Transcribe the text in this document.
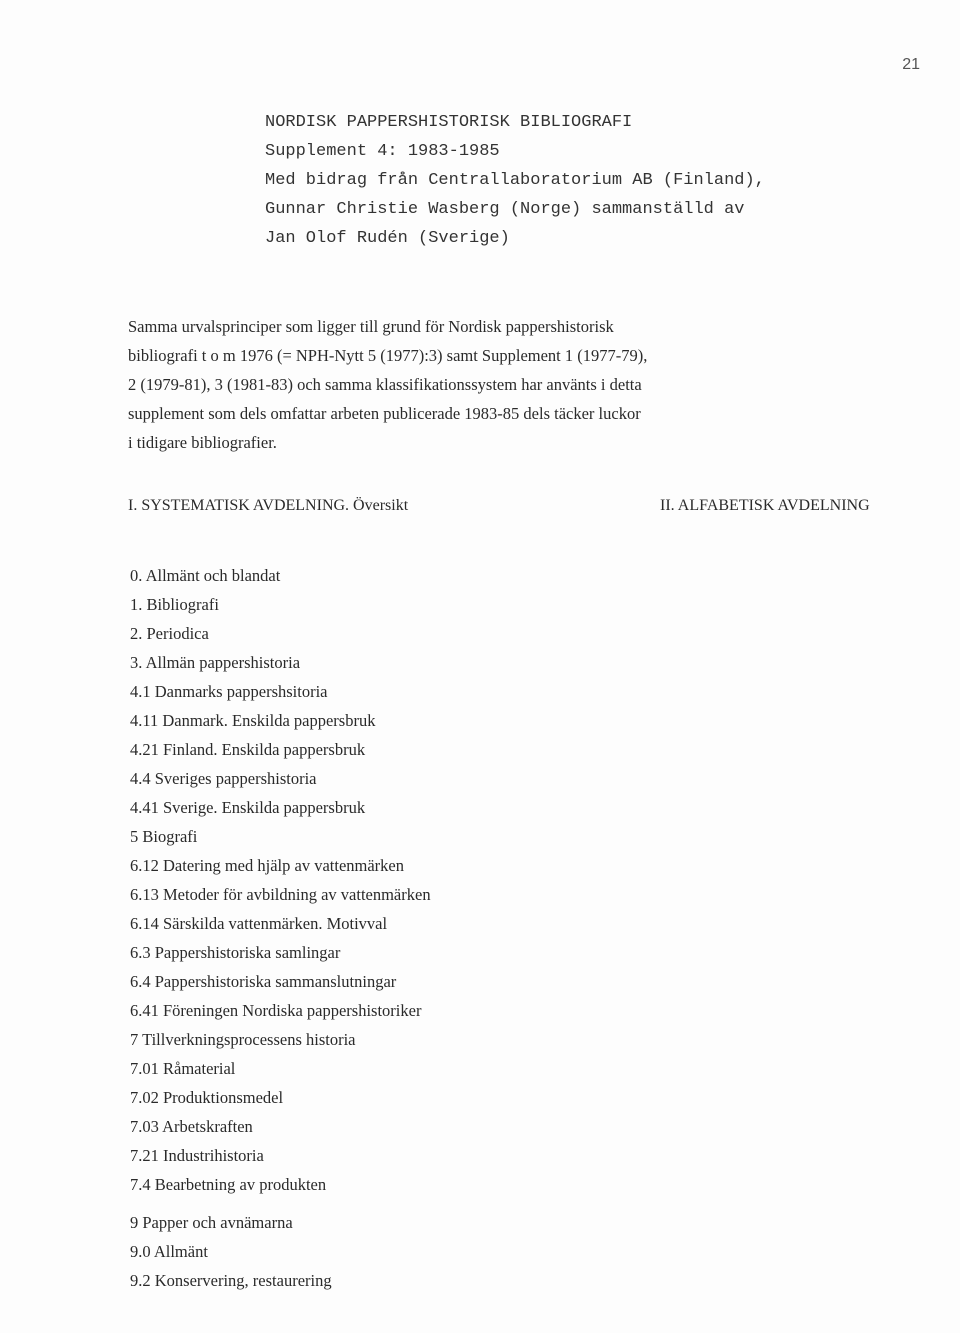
21
NORDISK PAPPERSHISTORISK BIBLIOGRAFI
Supplement 4: 1983-1985
Med bidrag från Centrallaboratorium AB (Finland),
Gunnar Christie Wasberg (Norge) sammanställd av
Jan Olof Rudén (Sverige)
Samma urvalsprinciper som ligger till grund för Nordisk pappershistorisk
bibliografi t o m 1976 (= NPH-Nytt 5 (1977):3) samt Supplement 1 (1977-79),
2 (1979-81), 3 (1981-83) och samma klassifikationssystem har använts i detta
supplement som dels omfattar arbeten publicerade 1983-85 dels täcker luckor
i tidigare bibliografier.
I. SYSTEMATISK AVDELNING. Översikt	II. ALFABETISK AVDELNING
0. Allmänt och blandat
1. Bibliografi
2. Periodica
3. Allmän pappershistoria
4.1 Danmarks pappershsitoria
4.11 Danmark. Enskilda pappersbruk
4.21 Finland. Enskilda pappersbruk
4.4 Sveriges pappershistoria
4.41 Sverige. Enskilda pappersbruk
5 Biografi
6.12 Datering med hjälp av vattenmärken
6.13 Metoder för avbildning av vattenmärken
6.14 Särskilda vattenmärken. Motivval
6.3 Pappershistoriska samlingar
6.4 Pappershistoriska sammanslutningar
6.41 Föreningen Nordiska pappershistoriker
7 Tillverkningsprocessens historia
7.01 Råmaterial
7.02 Produktionsmedel
7.03 Arbetskraften
7.21 Industrihistoria
7.4 Bearbetning av produkten
9 Papper och avnämarna
9.0 Allmänt
9.2 Konservering, restaurering
